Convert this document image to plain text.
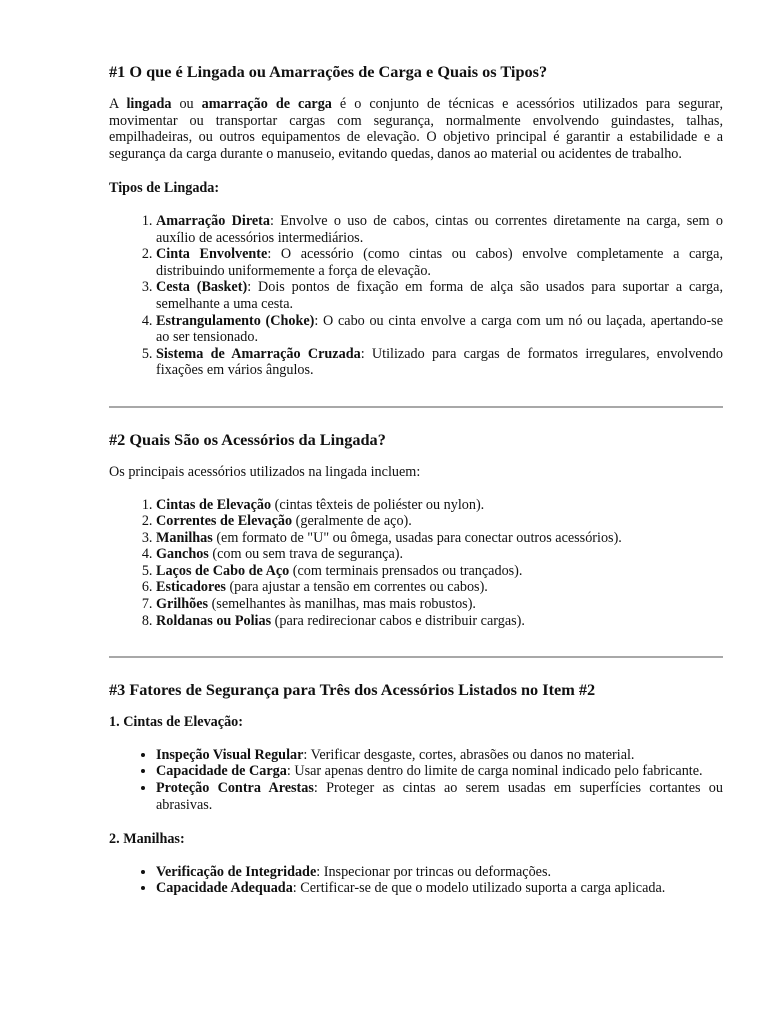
#1 O que é Lingada ou Amarrações de Carga e Quais os Tipos?

A lingada ou amarração de carga é o conjunto de técnicas e acessórios utilizados para segurar, movimentar ou transportar cargas com segurança, normalmente envolvendo guindastes, talhas, empilhadeiras, ou outros equipamentos de elevação. O objetivo principal é garantir a estabilidade e a segurança da carga durante o manuseio, evitando quedas, danos ao material ou acidentes de trabalho.

Tipos de Lingada:

1. Amarração Direta: Envolve o uso de cabos, cintas ou correntes diretamente na carga, sem o auxílio de acessórios intermediários.
2. Cinta Envolvente: O acessório (como cintas ou cabos) envolve completamente a carga, distribuindo uniformemente a força de elevação.
3. Cesta (Basket): Dois pontos de fixação em forma de alça são usados para suportar a carga, semelhante a uma cesta.
4. Estrangulamento (Choke): O cabo ou cinta envolve a carga com um nó ou laçada, apertando-se ao ser tensionado.
5. Sistema de Amarração Cruzada: Utilizado para cargas de formatos irregulares, envolvendo fixações em vários ângulos.
#2 Quais São os Acessórios da Lingada?

Os principais acessórios utilizados na lingada incluem:

1. Cintas de Elevação (cintas têxteis de poliéster ou nylon).
2. Correntes de Elevação (geralmente de aço).
3. Manilhas (em formato de "U" ou ômega, usadas para conectar outros acessórios).
4. Ganchos (com ou sem trava de segurança).
5. Laços de Cabo de Aço (com terminais prensados ou trançados).
6. Esticadores (para ajustar a tensão em correntes ou cabos).
7. Grilhões (semelhantes às manilhas, mas mais robustos).
8. Roldanas ou Polias (para redirecionar cabos e distribuir cargas).
#3 Fatores de Segurança para Três dos Acessórios Listados no Item #2

1. Cintas de Elevação:

• Inspeção Visual Regular: Verificar desgaste, cortes, abrasões ou danos no material.
• Capacidade de Carga: Usar apenas dentro do limite de carga nominal indicado pelo fabricante.
• Proteção Contra Arestas: Proteger as cintas ao serem usadas em superfícies cortantes ou abrasivas.

2. Manilhas:

• Verificação de Integridade: Inspecionar por trincas ou deformações.
• Capacidade Adequada: Certificar-se de que o modelo utilizado suporta a carga aplicada.
